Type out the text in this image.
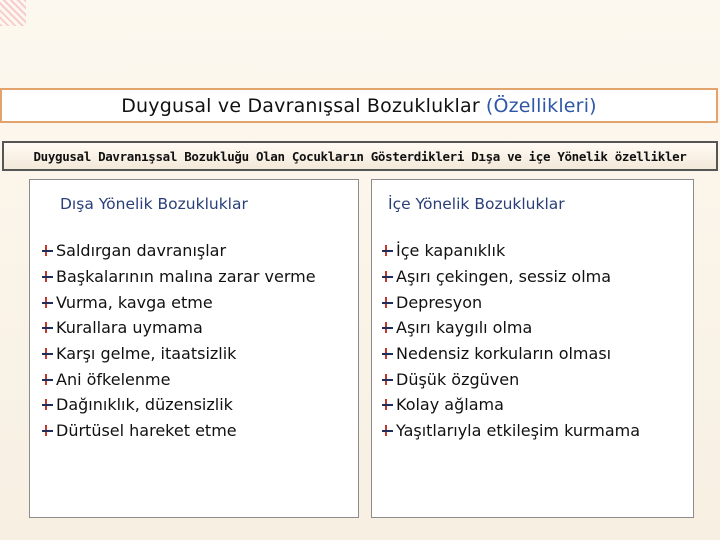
Duygusal ve Davranışsal Bozukluklar (Özellikleri)
Duygusal Davranışsal Bozukluğu Olan Çocukların Gösterdikleri Dışa ve içe Yönelik özellikler
Dışa Yönelik Bozukluklar
Saldırgan davranışlar
Başkalarının malına zarar verme
Vurma, kavga etme
Kurallara uymama
Karşı gelme, itaatsizlik
Ani öfkelenme
Dağınıklık, düzensizlik
Dürtüsel hareket etme
İçe Yönelik Bozukluklar
İçe kapanıklık
Aşırı çekingen, sessiz olma
Depresyon
Aşırı kaygılı olma
Nedensiz korkuların olması
Düşük özgüven
Kolay ağlama
Yaşıtlarıyla etkileşim kurmama
